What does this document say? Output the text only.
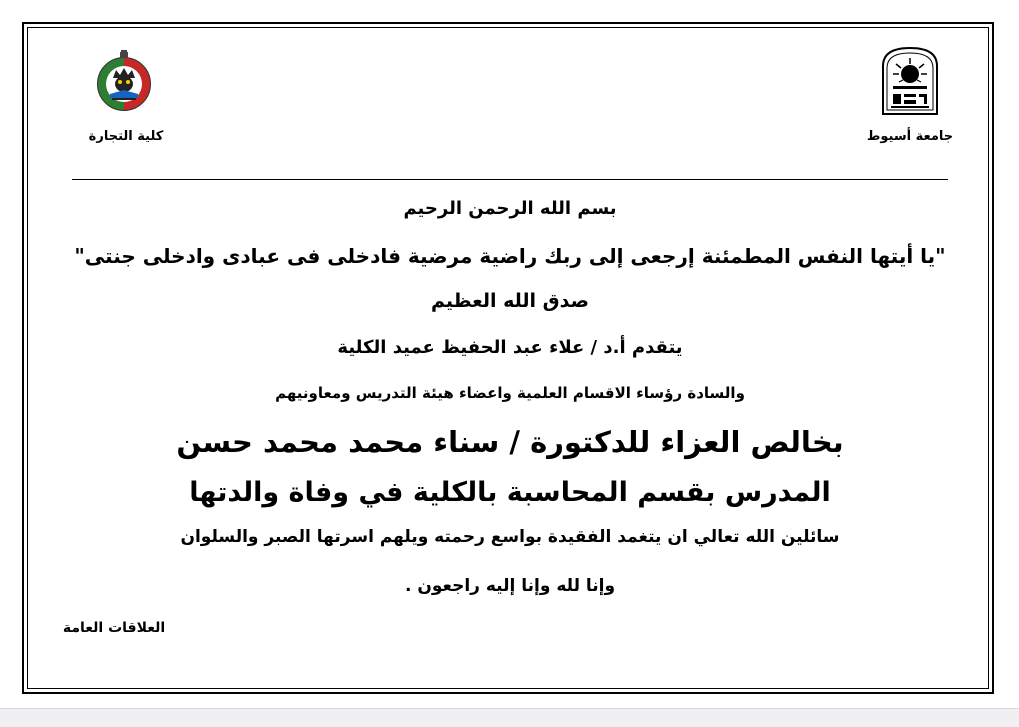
جامعة أسيوط
كلية التجارة
بسم الله الرحمن الرحيم
"يا أيتها النفس المطمئنة إرجعى إلى ربك راضية مرضية فادخلى فى عبادى وادخلى جنتى"
صدق الله العظيم
يتقدم أ.د / علاء عبد الحفيظ عميد الكلية
والسادة رؤساء الاقسام العلمية واعضاء هيئة التدريس ومعاونيهم
بخالص العزاء للدكتورة / سناء محمد محمد حسن
المدرس بقسم المحاسبة بالكلية في وفاة والدتها
سائلين الله تعالي ان يتغمد الفقيدة بواسع رحمته ويلهم اسرتها الصبر والسلوان
وإنا لله وإنا إليه راجعون .
العلاقات العامة
